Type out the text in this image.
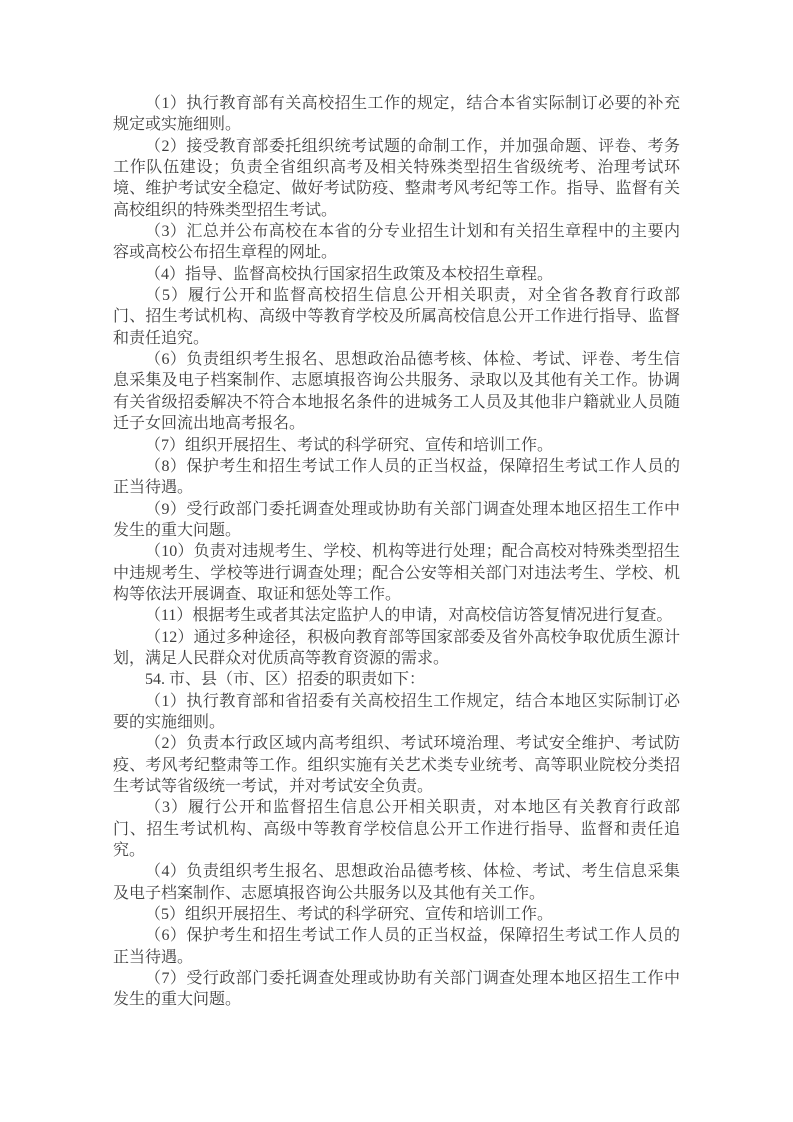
（1）执行教育部有关高校招生工作的规定，结合本省实际制订必要的补充规定或实施细则。

（2）接受教育部委托组织统考试题的命制工作，并加强命题、评卷、考务工作队伍建设；负责全省组织高考及相关特殊类型招生省级统考、治理考试环境、维护考试安全稳定、做好考试防疫、整肃考风考纪等工作。指导、监督有关高校组织的特殊类型招生考试。

（3）汇总并公布高校在本省的分专业招生计划和有关招生章程中的主要内容或高校公布招生章程的网址。

（4）指导、监督高校执行国家招生政策及本校招生章程。

（5）履行公开和监督高校招生信息公开相关职责，对全省各教育行政部门、招生考试机构、高级中等教育学校及所属高校信息公开工作进行指导、监督和责任追究。

（6）负责组织考生报名、思想政治品德考核、体检、考试、评卷、考生信息采集及电子档案制作、志愿填报咨询公共服务、录取以及其他有关工作。协调有关省级招委解决不符合本地报名条件的进城务工人员及其他非户籍就业人员随迁子女回流出地高考报名。

（7）组织开展招生、考试的科学研究、宣传和培训工作。

（8）保护考生和招生考试工作人员的正当权益，保障招生考试工作人员的正当待遇。

（9）受行政部门委托调查处理或协助有关部门调查处理本地区招生工作中发生的重大问题。

（10）负责对违规考生、学校、机构等进行处理；配合高校对特殊类型招生中违规考生、学校等进行调查处理；配合公安等相关部门对违法考生、学校、机构等依法开展调查、取证和惩处等工作。

（11）根据考生或者其法定监护人的申请，对高校信访答复情况进行复查。

（12）通过多种途径，积极向教育部等国家部委及省外高校争取优质生源计划，满足人民群众对优质高等教育资源的需求。

54. 市、县（市、区）招委的职责如下：

（1）执行教育部和省招委有关高校招生工作规定，结合本地区实际制订必要的实施细则。

（2）负责本行政区域内高考组织、考试环境治理、考试安全维护、考试防疫、考风考纪整肃等工作。组织实施有关艺术类专业统考、高等职业院校分类招生考试等省级统一考试，并对考试安全负责。

（3）履行公开和监督招生信息公开相关职责，对本地区有关教育行政部门、招生考试机构、高级中等教育学校信息公开工作进行指导、监督和责任追究。

（4）负责组织考生报名、思想政治品德考核、体检、考试、考生信息采集及电子档案制作、志愿填报咨询公共服务以及其他有关工作。

（5）组织开展招生、考试的科学研究、宣传和培训工作。

（6）保护考生和招生考试工作人员的正当权益，保障招生考试工作人员的正当待遇。

（7）受行政部门委托调查处理或协助有关部门调查处理本地区招生工作中发生的重大问题。
